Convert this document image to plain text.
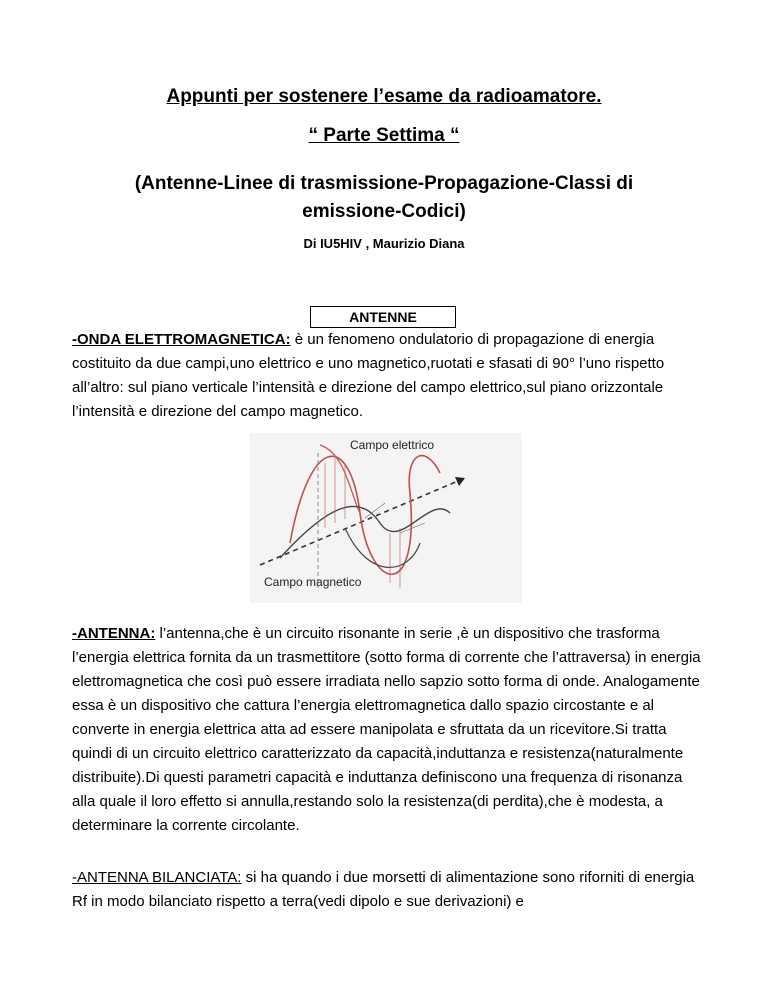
Appunti per sostenere l’esame da radioamatore.
“ Parte Settima “
(Antenne-Linee di trasmissione-Propagazione-Classi di
emissione-Codici)
Di IU5HIV , Maurizio Diana
ANTENNE
-ONDA ELETTROMAGNETICA: è un fenomeno ondulatorio di propagazione di energia costituito da due campi,uno elettrico e uno magnetico,ruotati e sfasati di 90° l’uno rispetto all’altro: sul piano verticale l’intensità e direzione del campo elettrico,sul piano orizzontale l’intensità e direzione del campo magnetico.
Campo elettrico
Campo magnetico
-ANTENNA: l’antenna,che è un circuito risonante in serie ,è un dispositivo che trasforma l’energia elettrica fornita da un trasmettitore (sotto forma di corrente che l’attraversa) in energia elettromagnetica che così può essere irradiata nello sapzio sotto forma di onde. Analogamente essa è un dispositivo che cattura l’energia elettromagnetica dallo spazio circostante e al converte in energia elettrica atta ad essere manipolata e sfruttata da un ricevitore.Si tratta quindi di un circuito elettrico caratterizzato da capacità,induttanza e resistenza(naturalmente distribuite).Di questi parametri capacità e induttanza definiscono una frequenza di risonanza alla quale il loro effetto si annulla,restando solo la resistenza(di perdita),che è modesta, a determinare la corrente circolante.
-ANTENNA BILANCIATA: si ha quando i due morsetti di alimentazione sono riforniti di energia Rf in modo bilanciato rispetto a terra(vedi dipolo e sue derivazioni) e
